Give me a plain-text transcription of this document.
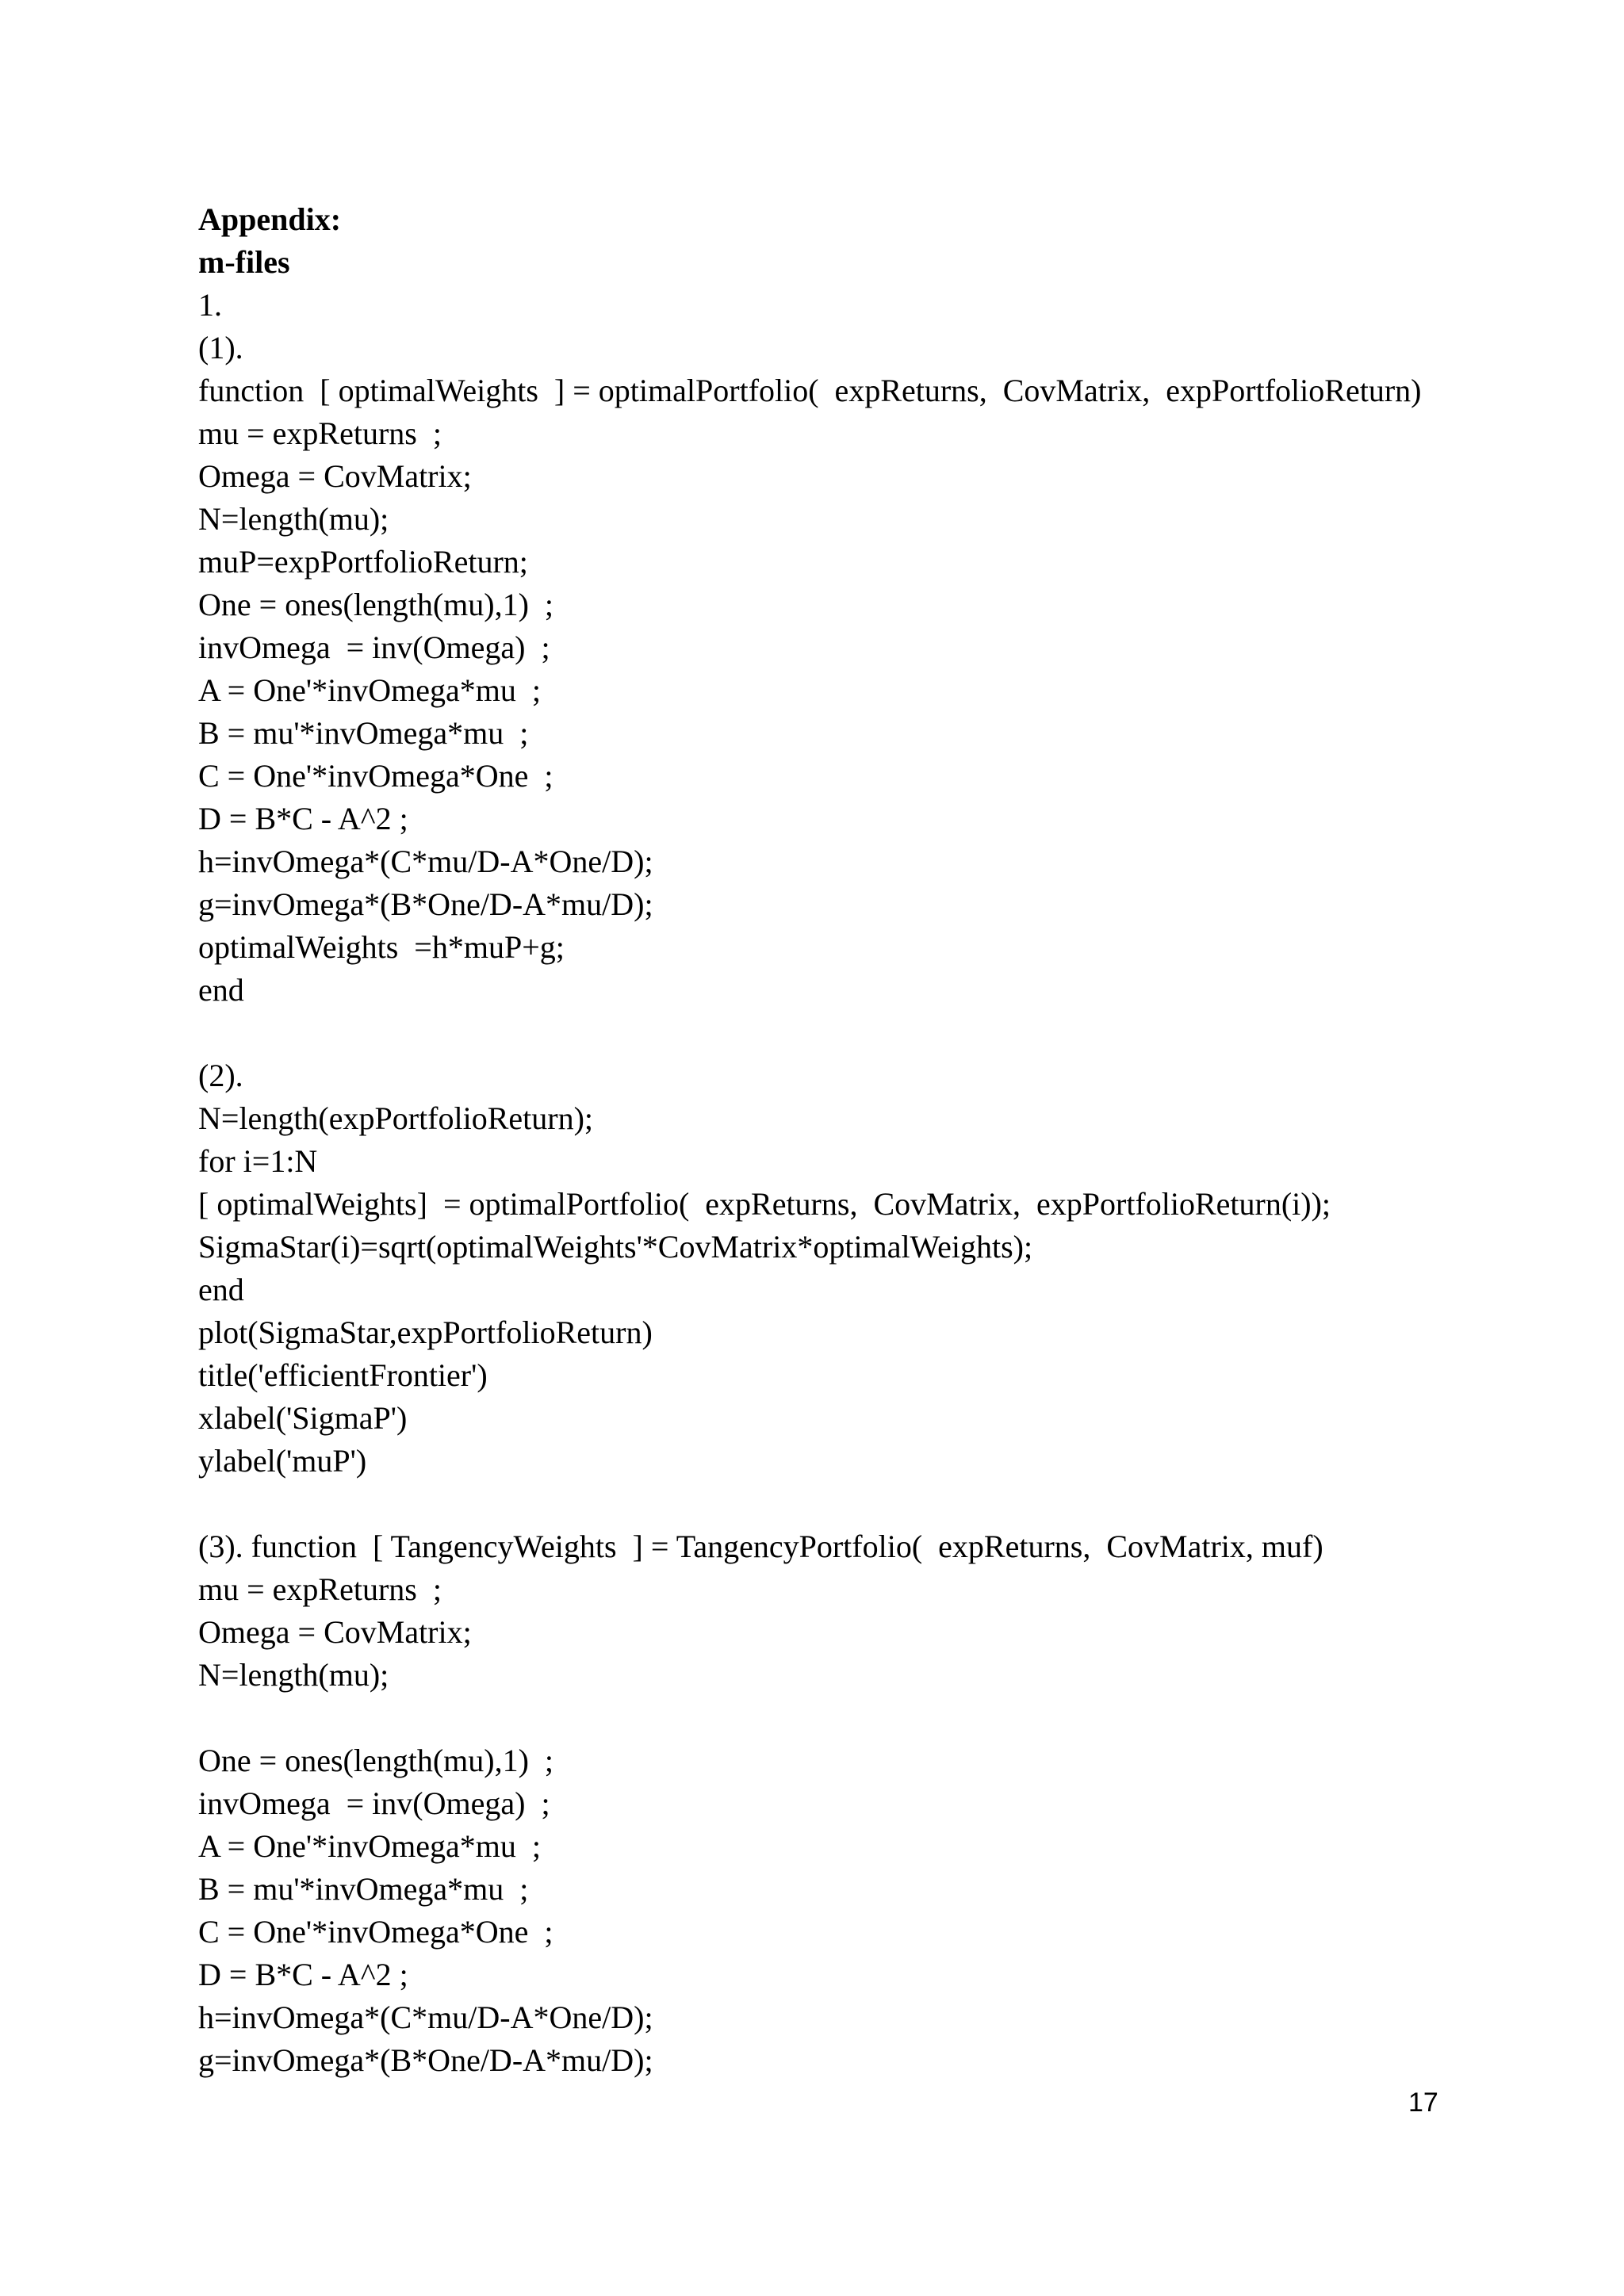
Appendix:
m-files
1.
(1).
function  [ optimalWeights  ] = optimalPortfolio(  expReturns,  CovMatrix,  expPortfolioReturn)
mu = expReturns  ;
Omega = CovMatrix;
N=length(mu);
muP=expPortfolioReturn;
One = ones(length(mu),1)  ;
invOmega  = inv(Omega)  ;
A = One'*invOmega*mu  ;
B = mu'*invOmega*mu  ;
C = One'*invOmega*One  ;
D = B*C - A^2 ;
h=invOmega*(C*mu/D-A*One/D);
g=invOmega*(B*One/D-A*mu/D);
optimalWeights  =h*muP+g;
end
(2).
N=length(expPortfolioReturn);
for i=1:N
[ optimalWeights]  = optimalPortfolio(  expReturns,  CovMatrix,  expPortfolioReturn(i));
SigmaStar(i)=sqrt(optimalWeights'*CovMatrix*optimalWeights);
end
plot(SigmaStar,expPortfolioReturn)
title('efficientFrontier')
xlabel('SigmaP')
ylabel('muP')
(3). function  [ TangencyWeights  ] = TangencyPortfolio(  expReturns,  CovMatrix, muf)
mu = expReturns  ;
Omega = CovMatrix;
N=length(mu);
One = ones(length(mu),1)  ;
invOmega  = inv(Omega)  ;
A = One'*invOmega*mu  ;
B = mu'*invOmega*mu  ;
C = One'*invOmega*One  ;
D = B*C - A^2 ;
h=invOmega*(C*mu/D-A*One/D);
g=invOmega*(B*One/D-A*mu/D);
17
